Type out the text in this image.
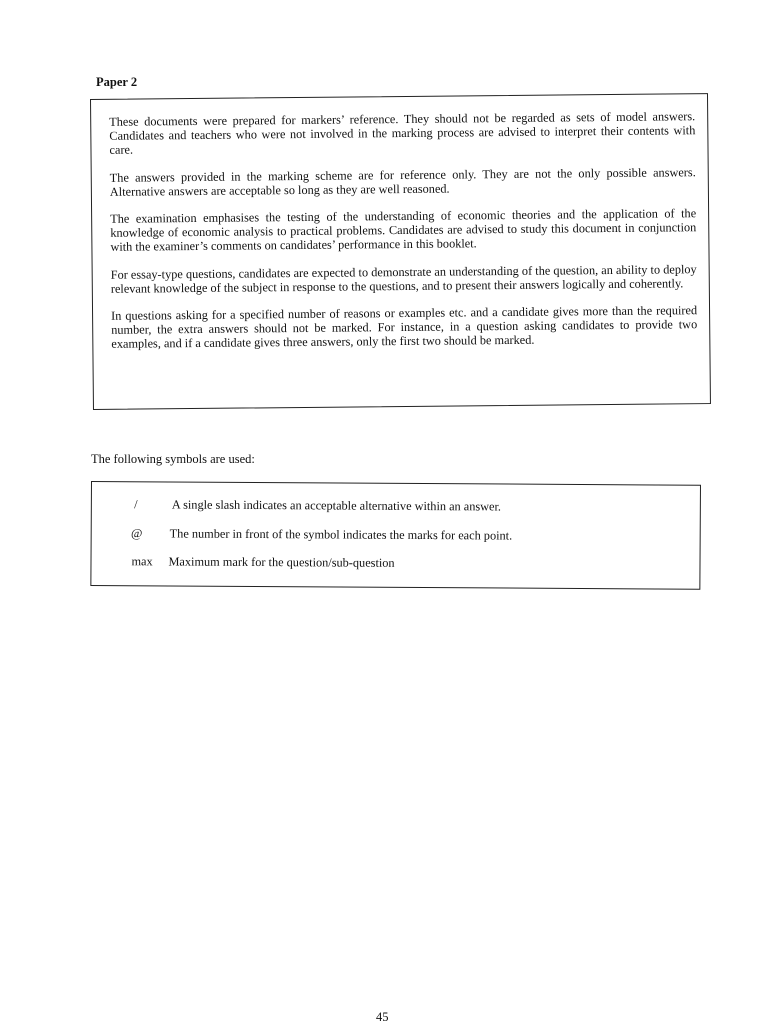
Paper 2

These documents were prepared for markers’ reference. They should not be regarded as sets of model answers. Candidates and teachers who were not involved in the marking process are advised to interpret their contents with care.

The answers provided in the marking scheme are for reference only. They are not the only possible answers. Alternative answers are acceptable so long as they are well reasoned.

The examination emphasises the testing of the understanding of economic theories and the application of the knowledge of economic analysis to practical problems. Candidates are advised to study this document in conjunction with the examiner’s comments on candidates’ performance in this booklet.

For essay-type questions, candidates are expected to demonstrate an understanding of the question, an ability to deploy relevant knowledge of the subject in response to the questions, and to present their answers logically and coherently.

In questions asking for a specified number of reasons or examples etc. and a candidate gives more than the required number, the extra answers should not be marked. For instance, in a question asking candidates to provide two examples, and if a candidate gives three answers, only the first two should be marked.

The following symbols are used:

/	A single slash indicates an acceptable alternative within an answer.
@ The number in front of the symbol indicates the marks for each point.
max	Maximum mark for the question/sub-question

45
